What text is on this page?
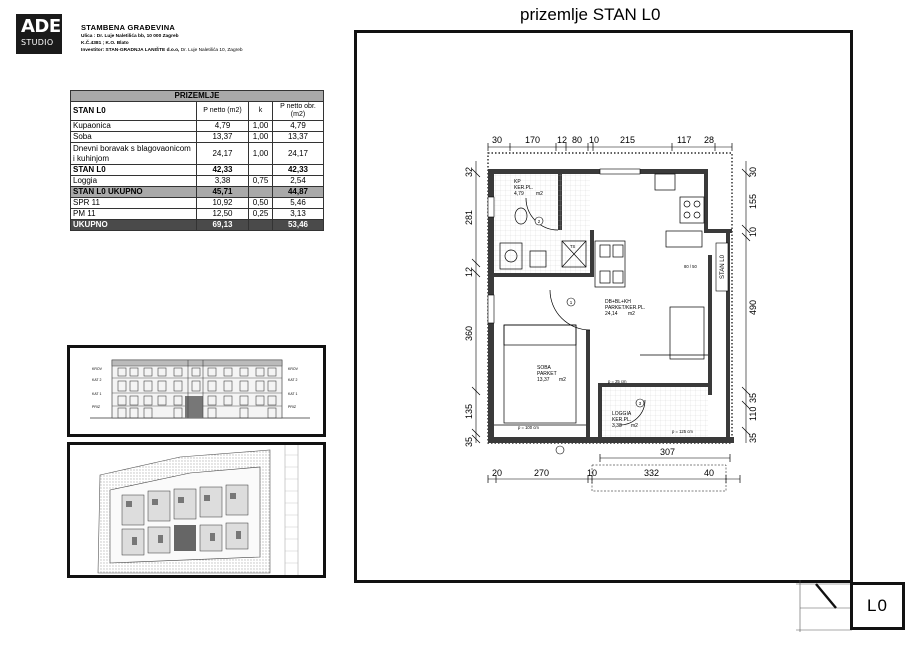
ADE
STUDIO
STAMBENA GRAĐEVINA
Ulica : Dr. Luje Naletilića bb, 10 000 Zagreb
K.Č.4381 ; K.O. Blato
Investitor: STAN-GRADNJA LANIŠTE d.o.o, Dr. Luje Naletilića 10, Zagreb
PRIZEMLJE			
STAN L0	P netto (m2)	k	P netto obr. (m2)
Kupaonica	4,79	1,00	4,79
Soba	13,37	1,00	13,37
Dnevni boravak s blagovaonicom i kuhinjom	24,17	1,00	24,17
STAN L0	42,33		42,33
Loggia	3,38	0,75	2,54
STAN L0 UKUPNO	45,71		44,87
SPR 11	10,92	0,50	5,46
PM 11	12,50	0,25	3,13
UKUPNO	69,13		53,46
KROV
KAT 2
KAT 1
PRIZ
KROV
KAT 2
KAT 1
PRIZ
prizemlje STAN L0
30	170 12 80 10 215	117 28
KP
KER.PL.
4,79 m2
DB+BL+KH
PARKET/KER.PL.
24,14 m2
SOBA
PARKET
13,37 m2
LOGGIA
KER.PL.
3,38 m2
p = 25 cm
p = 100 cm
p = 125 cm
TS
80 / 50
1
2
3
STAN L0
32
281
12
360
135
35
30
155
10
490
35
110
35
307
20	270	10	332	40
L0
